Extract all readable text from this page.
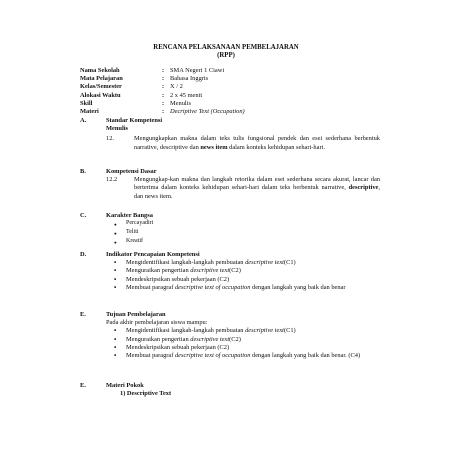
RENCANA PELAKSANAAN PEMBELAJARAN
(RPP)
Nama Sekolah	: SMA Negeri 1 Ciawi
Mata Pelajaran	: Bahasa Inggris
Kelas/Semester	: X / 2
Alokasi Waktu	: 2 x 45 menit
Skill	: Menulis
Materi	: Decriptive Text (Occupation)
A.	Standar Kompetensi
Menulis
12.	Mengungkapkan makna dalam teks tulis fungsional pendek dan esei sederhana berbentuk narrative, descriptive dan news item dalam konteks kehidupan sehari-hari.
B.	Kompetensi Dasar
12.2	Mengungkap-kan makna dan langkah retorika dalam esei sederhana secara akurat, lancar dan berterima dalam konteks kehidupan sehari-hari dalam teks berbentuk narrative, descriptive, dan news item.
C.	Karakter Bangsa
●	Percayadiri
●	Teliti
●	Kreatif
D.	Indikator Pencapaian Kompetensi
▪	Mengidentifikasi langkah-langkah pembuatan descriptive text(C1)
▪	Menguraikan pengertian descriptive text(C2)
▪	Mendeskripsikan sebuah pekerjaan (C2)
▪	Membuat paragraf descriptive text of occupation dengan langkah yang baik dan benar
E.	Tujuan Pembelajaran
Pada akhir pembelajaran siswa mampu:
▪	Mengidentifikasi langkah-langkah pembuatan descriptive text(C1)
▪	Menguraikan pengertian descriptive text(C2)
▪	Mendeskripsikan sebuah pekerjaan (C2)
▪	Membuat paragraf descriptive text of occupation dengan langkah yang baik dan benar. (C4)
E.	Materi Pokok
1) Descriptive Text
